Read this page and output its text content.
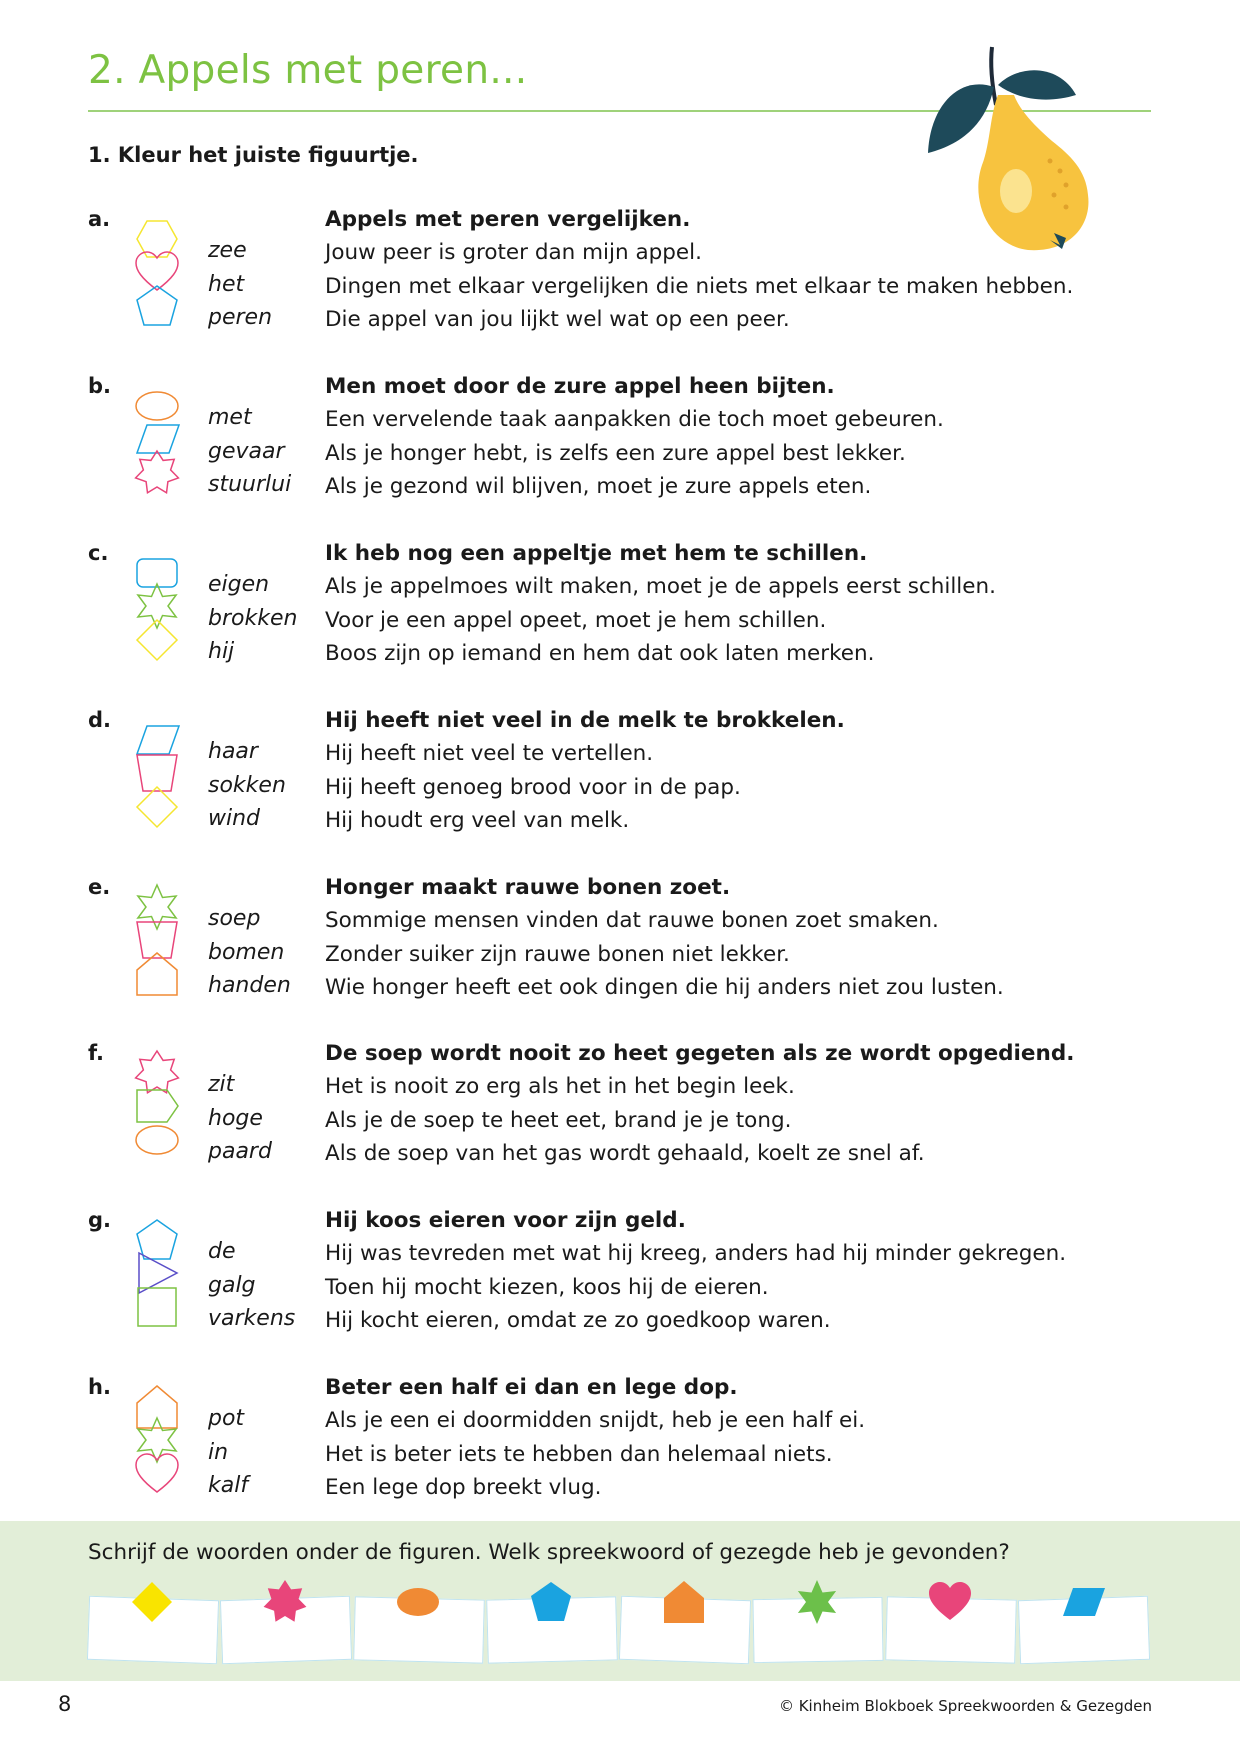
2. Appels met peren...
1. Kleur het juiste figuurtje.
a.	Appels met peren vergelijken.
zee	Jouw peer is groter dan mijn appel.
het	Dingen met elkaar vergelijken die niets met elkaar te maken hebben.
peren Die appel van jou lijkt wel wat op een peer.
b.	Men moet door de zure appel heen bijten.
met	Een vervelende taak aanpakken die toch moet gebeuren.
gevaar Als je honger hebt, is zelfs een zure appel best lekker.
stuurlui Als je gezond wil blijven, moet je zure appels eten.
c.	Ik heb nog een appeltje met hem te schillen.
eigen	Als je appelmoes wilt maken, moet je de appels eerst schillen.
brokken Voor je een appel opeet, moet je hem schillen.
hij	Boos zijn op iemand en hem dat ook laten merken.
d.	Hij heeft niet veel in de melk te brokkelen.
haar	Hij heeft niet veel te vertellen.
sokken Hij heeft genoeg brood voor in de pap.
wind	Hij houdt erg veel van melk.
e.	Honger maakt rauwe bonen zoet.
soep	Sommige mensen vinden dat rauwe bonen zoet smaken.
bomen Zonder suiker zijn rauwe bonen niet lekker.
handen Wie honger heeft eet ook dingen die hij anders niet zou lusten.
f.	De soep wordt nooit zo heet gegeten als ze wordt opgediend.
zit	Het is nooit zo erg als het in het begin leek.
hoge	Als je de soep te heet eet, brand je je tong.
paard Als de soep van het gas wordt gehaald, koelt ze snel af.
g.	Hij koos eieren voor zijn geld.
de	Hij was tevreden met wat hij kreeg, anders had hij minder gekregen.
galg	Toen hij mocht kiezen, koos hij de eieren.
varkens Hij kocht eieren, omdat ze zo goedkoop waren.
h.	Beter een half ei dan en lege dop.
pot	Als je een ei doormidden snijdt, heb je een half ei.
in	Het is beter iets te hebben dan helemaal niets.
kalf	Een lege dop breekt vlug.
Schrijf de woorden onder de figuren. Welk spreekwoord of gezegde heb je gevonden?
8	© Kinheim Blokboek Spreekwoorden & Gezegden
